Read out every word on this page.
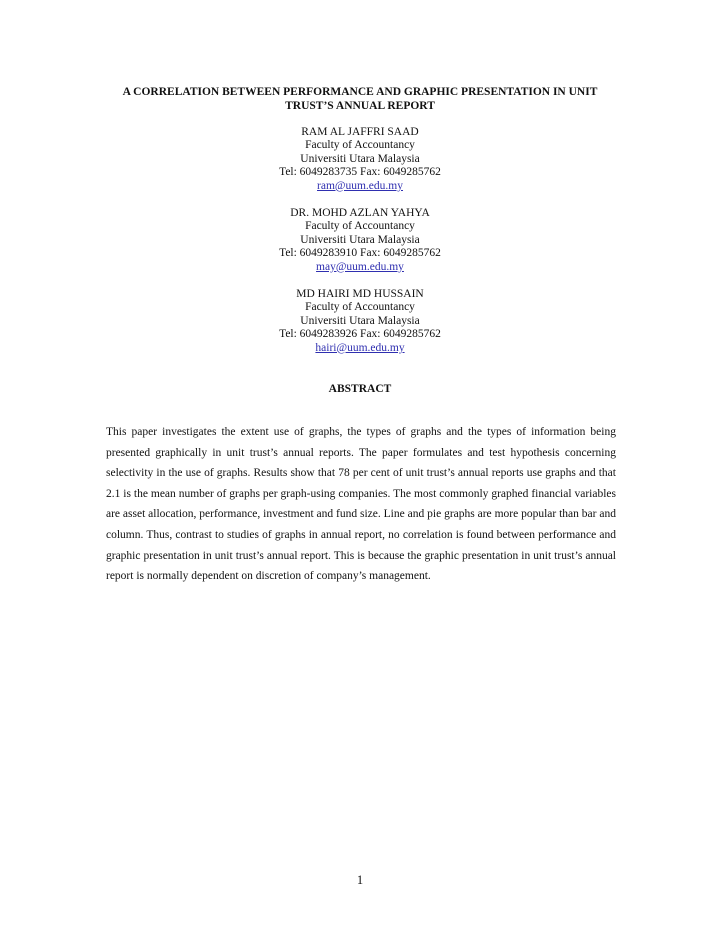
A CORRELATION BETWEEN PERFORMANCE AND GRAPHIC PRESENTATION IN UNIT TRUST’S ANNUAL REPORT
RAM AL JAFFRI SAAD
Faculty of Accountancy
Universiti Utara Malaysia
Tel: 6049283735 Fax: 6049285762
ram@uum.edu.my
DR. MOHD AZLAN YAHYA
Faculty of Accountancy
Universiti Utara Malaysia
Tel: 6049283910 Fax: 6049285762
may@uum.edu.my
MD HAIRI MD HUSSAIN
Faculty of Accountancy
Universiti Utara Malaysia
Tel: 6049283926 Fax: 6049285762
hairi@uum.edu.my
ABSTRACT
This paper investigates the extent use of graphs, the types of graphs and the types of information being presented graphically in unit trust’s annual reports. The paper formulates and test hypothesis concerning selectivity in the use of graphs. Results show that 78 per cent of unit trust’s annual reports use graphs and that 2.1 is the mean number of graphs per graph-using companies. The most commonly graphed financial variables are asset allocation, performance, investment and fund size. Line and pie graphs are more popular than bar and column. Thus, contrast to studies of graphs in annual report, no correlation is found between performance and graphic presentation in unit trust’s annual report. This is because the graphic presentation in unit trust’s annual report is normally dependent on discretion of company’s management.
1
